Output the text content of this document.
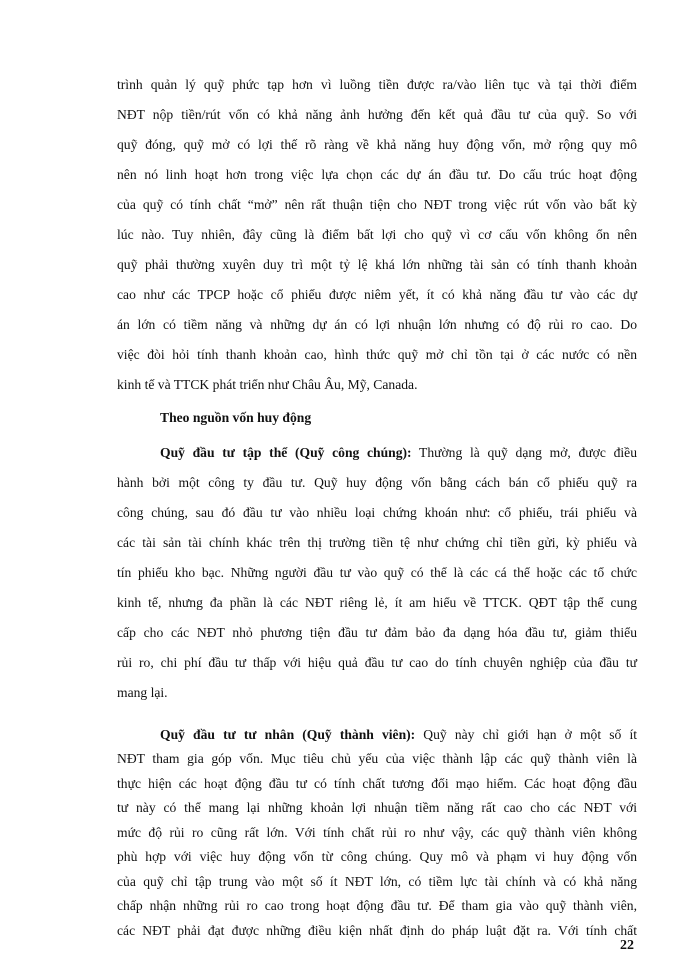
trình quản lý quỹ phức tạp hơn vì luồng tiền được ra/vào liên tục và tại thời điểm
NĐT nộp tiền/rút vốn có khả năng ảnh hưởng đến kết quả đầu tư của quỹ. So với
quỹ đóng, quỹ mở có lợi thế rõ ràng về khả năng huy động vốn, mở rộng quy mô
nên nó linh hoạt hơn trong việc lựa chọn các dự án đầu tư. Do cấu trúc hoạt động
của quỹ có tính chất “mở” nên rất thuận tiện cho NĐT trong việc rút vốn vào bất kỳ
lúc nào. Tuy nhiên, đây cũng là điểm bất lợi cho quỹ vì cơ cấu vốn không ổn nên
quỹ phải thường xuyên duy trì một tỷ lệ khá lớn những tài sản có tính thanh khoản
cao như các TPCP hoặc cổ phiếu được niêm yết, ít có khả năng đầu tư vào các dự
án lớn có tiềm năng và những dự án có lợi nhuận lớn nhưng có độ rủi ro cao. Do
việc đòi hỏi tính thanh khoản cao, hình thức quỹ mở chỉ tồn tại ở các nước có nền
kinh tế và TTCK phát triển như Châu Âu, Mỹ, Canada.
Theo nguồn vốn huy động
Quỹ đầu tư tập thể (Quỹ công chúng): Thường là quỹ dạng mở, được điều
hành bởi một công ty đầu tư. Quỹ huy động vốn bằng cách bán cổ phiếu quỹ ra
công chúng, sau đó đầu tư vào nhiều loại chứng khoán như: cổ phiếu, trái phiếu và
các tài sản tài chính khác trên thị trường tiền tệ như chứng chỉ tiền gửi, kỳ phiếu và
tín phiếu kho bạc. Những người đầu tư vào quỹ có thể là các cá thể hoặc các tổ chức
kinh tế, nhưng đa phần là các NĐT riêng lẻ, ít am hiểu về TTCK. QĐT tập thể cung
cấp cho các NĐT nhỏ phương tiện đầu tư đảm bảo đa dạng hóa đầu tư, giảm thiểu
rủi ro, chi phí đầu tư thấp với hiệu quả đầu tư cao do tính chuyên nghiệp của đầu tư
mang lại.
Quỹ đầu tư tư nhân (Quỹ thành viên): Quỹ này chỉ giới hạn ở một số ít
NĐT tham gia góp vốn. Mục tiêu chủ yếu của việc thành lập các quỹ thành viên là
thực hiện các hoạt động đầu tư có tính chất tương đối mạo hiểm. Các hoạt động đầu
tư này có thể mang lại những khoản lợi nhuận tiềm năng rất cao cho các NĐT với
mức độ rủi ro cũng rất lớn. Với tính chất rủi ro như vậy, các quỹ thành viên không
phù hợp với việc huy động vốn từ công chúng. Quy mô và phạm vi huy động vốn
của quỹ chỉ tập trung vào một số ít NĐT lớn, có tiềm lực tài chính và có khả năng
chấp nhận những rủi ro cao trong hoạt động đầu tư. Để tham gia vào quỹ thành viên,
các NĐT phải đạt được những điều kiện nhất định do pháp luật đặt ra. Với tính chất
22
